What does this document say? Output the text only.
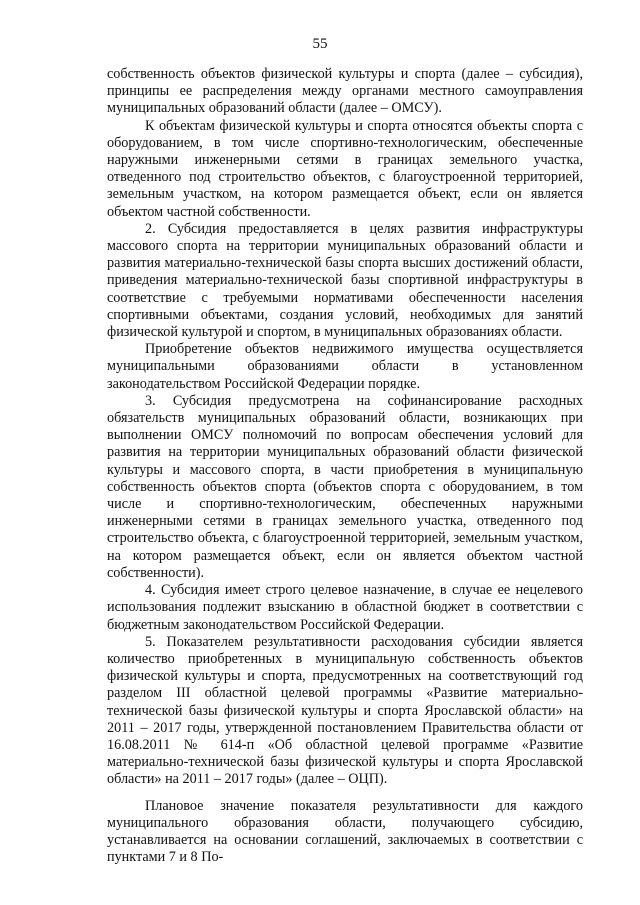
55

собственность объектов физической культуры и спорта (далее – субсидия), принципы ее распределения между органами местного самоуправления муниципальных образований области (далее – ОМСУ).

К объектам физической культуры и спорта относятся объекты спорта с оборудованием, в том числе спортивно-технологическим, обеспеченные наружными инженерными сетями в границах земельного участка, отведенного под строительство объектов, с благоустроенной территорией, земельным участком, на котором размещается объект, если он является объектом частной собственности.

2. Субсидия предоставляется в целях развития инфраструктуры массового спорта на территории муниципальных образований области и развития материально-технической базы спорта высших достижений области, приведения материально-технической базы спортивной инфраструктуры в соответствие с требуемыми нормативами обеспеченности населения спортивными объектами, создания условий, необходимых для занятий физической культурой и спортом, в муниципальных образованиях области.

Приобретение объектов недвижимого имущества осуществляется муниципальными образованиями области в установленном законодательством Российской Федерации порядке.

3. Субсидия предусмотрена на софинансирование расходных обязательств муниципальных образований области, возникающих при выполнении ОМСУ полномочий по вопросам обеспечения условий для развития на территории муниципальных образований области физической культуры и массового спорта, в части приобретения в муниципальную собственность объектов спорта (объектов спорта с оборудованием, в том числе и спортивно-технологическим, обеспеченных наружными инженерными сетями в границах земельного участка, отведенного под строительство объекта, с благоустроенной территорией, земельным участком, на котором размещается объект, если он является объектом частной собственности).

4. Субсидия имеет строго целевое назначение, в случае ее нецелевого использования подлежит взысканию в областной бюджет в соответствии с бюджетным законодательством Российской Федерации.

5. Показателем результативности расходования субсидии является количество приобретенных в муниципальную собственность объектов физической культуры и спорта, предусмотренных на соответствующий год разделом III областной целевой программы «Развитие материально-технической базы физической культуры и спорта Ярославской области» на 2011 – 2017 годы, утвержденной постановлением Правительства области от 16.08.2011 № 614-п «Об областной целевой программе «Развитие материально-технической базы физической культуры и спорта Ярославской области» на 2011 – 2017 годы» (далее – ОЦП).

Плановое значение показателя результативности для каждого муниципального образования области, получающего субсидию, устанавливается на основании соглашений, заключаемых в соответствии с пунктами 7 и 8 По-
